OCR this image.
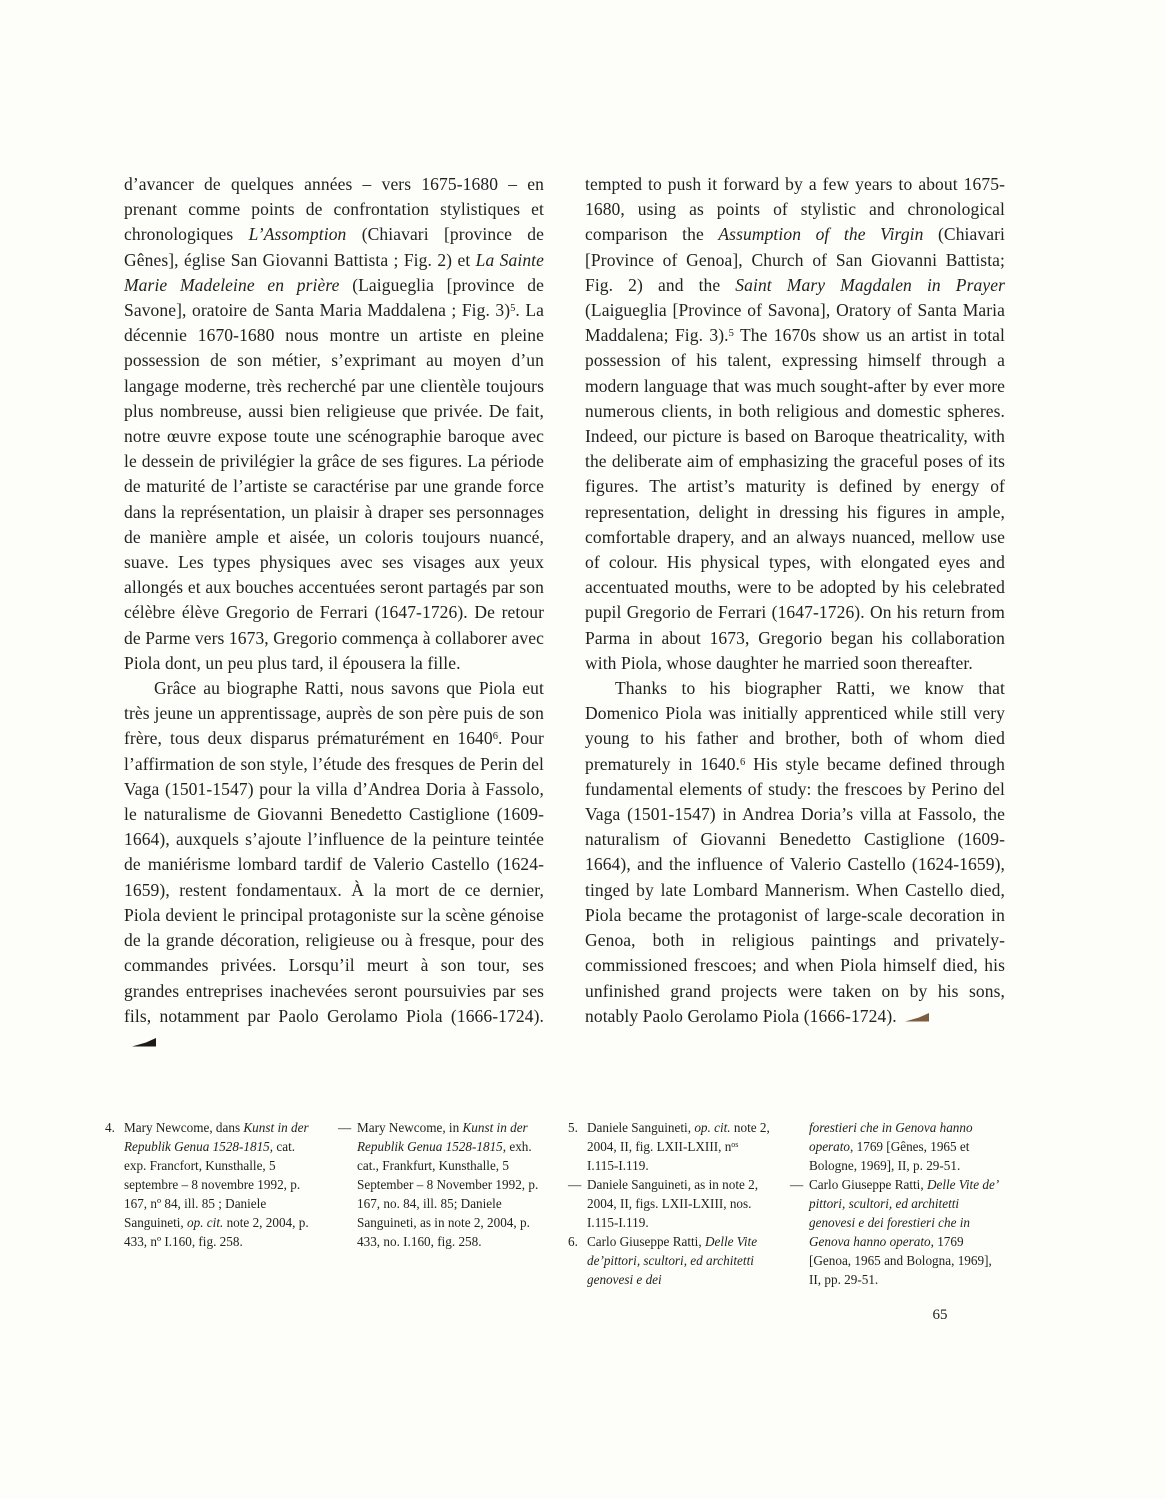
d’avancer de quelques années – vers 1675-1680 – en prenant comme points de confrontation stylistiques et chronologiques L’Assomption (Chiavari [province de Gênes], église San Giovanni Battista ; Fig. 2) et La Sainte Marie Madeleine en prière (Laigueglia [province de Savone], oratoire de Santa Maria Maddalena ; Fig. 3)$^5$. La décennie 1670-1680 nous montre un artiste en pleine possession de son métier, s’exprimant au moyen d’un langage moderne, très recherché par une clientèle toujours plus nombreuse, aussi bien religieuse que privée. De fait, notre œuvre expose toute une scénographie baroque avec le dessein de privilégier la grâce de ses figures. La période de maturité de l’artiste se caractérise par une grande force dans la représentation, un plaisir à draper ses personnages de manière ample et aisée, un coloris toujours nuancé, suave. Les types physiques avec ses visages aux yeux allongés et aux bouches accentuées seront partagés par son célèbre élève Gregorio de Ferrari (1647-1726). De retour de Parme vers 1673, Gregorio commença à collaborer avec Piola dont, un peu plus tard, il épousera la fille.

Grâce au biographe Ratti, nous savons que Piola eut très jeune un apprentissage, auprès de son père puis de son frère, tous deux disparus prématurément en 1640$^6$. Pour l’affirmation de son style, l’étude des fresques de Perin del Vaga (1501-1547) pour la villa d’Andrea Doria à Fassolo, le naturalisme de Giovanni Benedetto Castiglione (1609-1664), auxquels s’ajoute l’influence de la peinture teintée de maniérisme lombard tardif de Valerio Castello (1624-1659), restent fondamentaux. À la mort de ce dernier, Piola devient le principal protagoniste sur la scène génoise de la grande décoration, religieuse ou à fresque, pour des commandes privées. Lorsqu’il meurt à son tour, ses grandes entreprises inachevées seront poursuivies par ses fils, notamment par Paolo Gerolamo Piola (1666-1724).

tempted to push it forward by a few years to about 1675-1680, using as points of stylistic and chronological comparison the Assumption of the Virgin (Chiavari [Province of Genoa], Church of San Giovanni Battista; Fig. 2) and the Saint Mary Magdalen in Prayer (Laigueglia [Province of Savona], Oratory of Santa Maria Maddalena; Fig. 3).$^5$ The 1670s show us an artist in total possession of his talent, expressing himself through a modern language that was much sought-after by ever more numerous clients, in both religious and domestic spheres. Indeed, our picture is based on Baroque theatricality, with the deliberate aim of emphasizing the graceful poses of its figures. The artist’s maturity is defined by energy of representation, delight in dressing his figures in ample, comfortable drapery, and an always nuanced, mellow use of colour. His physical types, with elongated eyes and accentuated mouths, were to be adopted by his celebrated pupil Gregorio de Ferrari (1647-1726). On his return from Parma in about 1673, Gregorio began his collaboration with Piola, whose daughter he married soon thereafter.

Thanks to his biographer Ratti, we know that Domenico Piola was initially apprenticed while still very young to his father and brother, both of whom died prematurely in 1640.$^6$ His style became defined through fundamental elements of study: the frescoes by Perino del Vaga (1501-1547) in Andrea Doria’s villa at Fassolo, the naturalism of Giovanni Benedetto Castiglione (1609-1664), and the influence of Valerio Castello (1624-1659), tinged by late Lombard Mannerism. When Castello died, Piola became the protagonist of large-scale decoration in Genoa, both in religious paintings and privately-commissioned frescoes; and when Piola himself died, his unfinished grand projects were taken on by his sons, notably Paolo Gerolamo Piola (1666-1724).

4. Mary Newcome, dans Kunst in der Republik Genua 1528-1815, cat. exp. Francfort, Kunsthalle, 5 septembre – 8 novembre 1992, p. 167, nº 84, ill. 85 ; Daniele Sanguineti, op. cit. note 2, 2004, p. 433, nº I.160, fig. 258.
— Mary Newcome, in Kunst in der Republik Genua 1528-1815, exh. cat., Frankfurt, Kunsthalle, 5 September – 8 November 1992, p. 167, no. 84, ill. 85; Daniele Sanguineti, as in note 2, 2004, p. 433, no. I.160, fig. 258.
5. Daniele Sanguineti, op. cit. note 2, 2004, II, fig. LXII-LXIII, $n^{os}$ I.115-I.119.
— Daniele Sanguineti, as in note 2, 2004, II, figs. LXII-LXIII, nos. I.115-I.119.
6. Carlo Giuseppe Ratti, Delle Vite de’pittori, scultori, ed architetti genovesi e dei
forestieri che in Genova hanno operato, 1769 [Gênes, 1965 et Bologne, 1969], II, p. 29-51.
— Carlo Giuseppe Ratti, Delle Vite de’ pittori, scultori, ed architetti genovesi e dei forestieri che in Genova hanno operato, 1769 [Genoa, 1965 and Bologna, 1969], II, pp. 29-51.
65
